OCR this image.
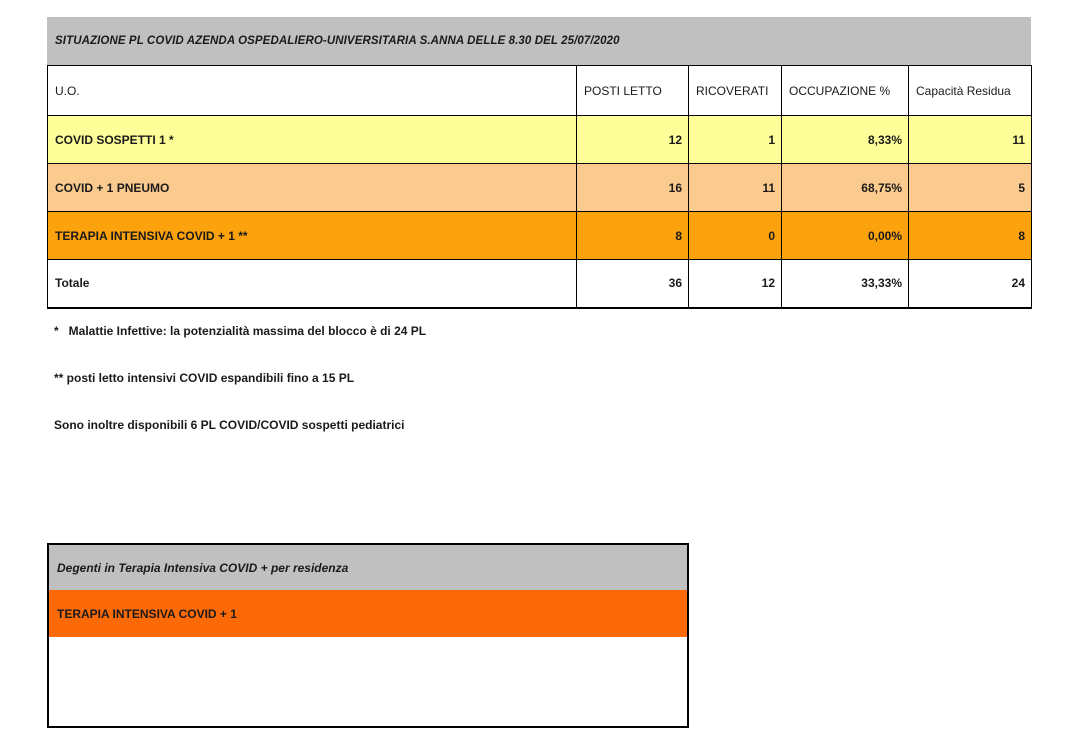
SITUAZIONE PL COVID AZENDA OSPEDALIERO-UNIVERSITARIA S.ANNA DELLE 8.30 DEL 25/07/2020
U.O.	POSTI LETTO	RICOVERATI	OCCUPAZIONE %	Capacità Residua
COVID SOSPETTI 1 *	12	1	8,33%	11
COVID + 1 PNEUMO	16	11	68,75%	5
TERAPIA INTENSIVA COVID + 1 **	8	0	0,00%	8
Totale	36	12	33,33%	24
*   Malattie Infettive: la potenzialità massima del blocco è di 24 PL
** posti letto intensivi COVID espandibili fino a 15 PL
Sono inoltre disponibili 6 PL COVID/COVID sospetti pediatrici
Degenti in Terapia Intensiva COVID + per residenza
TERAPIA INTENSIVA COVID + 1
